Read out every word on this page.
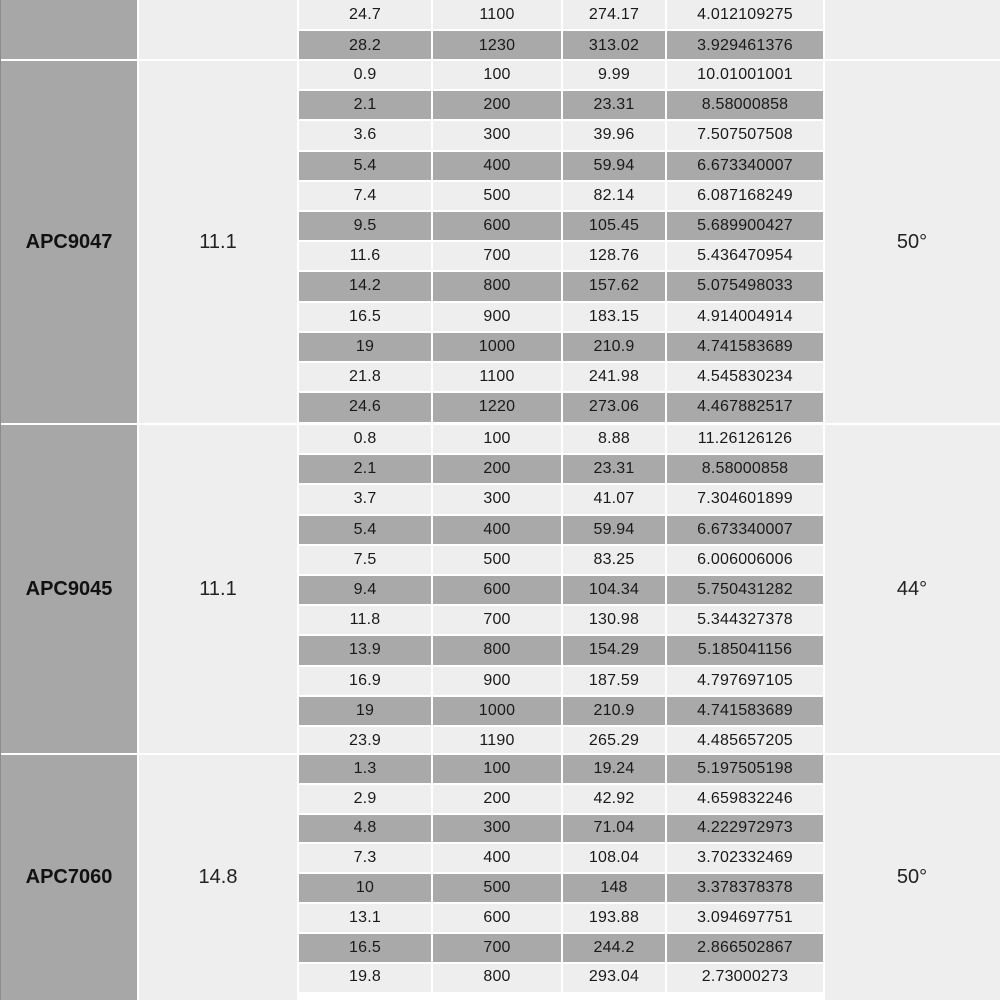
24.7	1100	274.17	4.012109275
28.2	1230	313.02	3.929461376
APC9047	11.1	50°
0.9	100	9.99	10.01001001
2.1	200	23.31	8.58000858
3.6	300	39.96	7.507507508
5.4	400	59.94	6.673340007
7.4	500	82.14	6.087168249
9.5	600	105.45	5.689900427
11.6	700	128.76	5.436470954
14.2	800	157.62	5.075498033
16.5	900	183.15	4.914004914
19	1000	210.9	4.741583689
21.8	1100	241.98	4.545830234
24.6	1220	273.06	4.467882517
APC9045	11.1	44°
0.8	100	8.88	11.26126126
2.1	200	23.31	8.58000858
3.7	300	41.07	7.304601899
5.4	400	59.94	6.673340007
7.5	500	83.25	6.006006006
9.4	600	104.34	5.750431282
11.8	700	130.98	5.344327378
13.9	800	154.29	5.185041156
16.9	900	187.59	4.797697105
19	1000	210.9	4.741583689
23.9	1190	265.29	4.485657205
APC7060	14.8	50°
1.3	100	19.24	5.197505198
2.9	200	42.92	4.659832246
4.8	300	71.04	4.222972973
7.3	400	108.04	3.702332469
10	500	148	3.378378378
13.1	600	193.88	3.094697751
16.5	700	244.2	2.866502867
19.8	800	293.04	2.73000273
